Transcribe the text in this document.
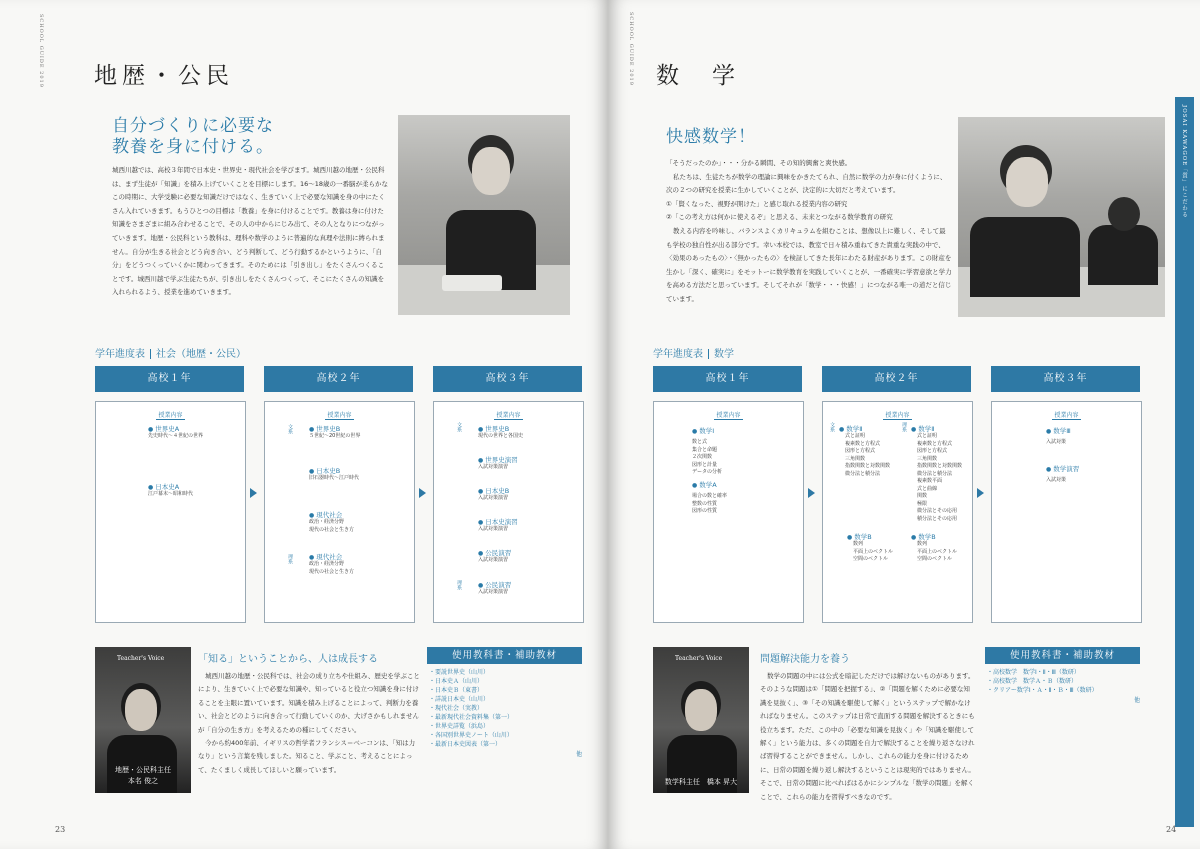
SCHOOL GUIDE 2019 地歴・公民
自分づくりに必要な
教養を身に付ける。

城西川越では、高校３年間で日本史・世界史・現代社会を学びます。城西川越の地歴・公民科は、まず生徒が「知識」を積み上げていくことを目標にします。16～18歳の一番脳が柔らかなこの時期に、大学受験に必要な知識だけではなく、生きていく上で必要な知識を身の中にたくさん入れていきます。もうひとつの目標は「教養」を身に付けることです。教養は身に付けた知識をさまざまに組み合わせることで、その人の中からにじみ出て、その人となりにつながっていきます。地歴・公民科という教科は、理科や数学のように普遍的な真理や法則に縛られません。自分が生きる社会とどう向き合い、どう判断して、どう行動するかというように、「自分」をどうつくっていくかに関わってきます。そのためには「引き出し」をたくさんつくることです。城西川越で学ぶ生徒たちが、引き出しをたくさんつくって、そこにたくさんの知識を入れられるよう、授業を進めていきます。

学年進度表 社会（地歴・公民）
高校１年	高校２年	高校３年
授業内容
● 世界史A
先史時代～４世紀の世界
● 日本史A
江戸幕末～昭和時代
授業内容
文系	● 世界史B
５世紀～20世紀の世界
● 日本史B
旧石器時代～江戸時代
● 現代社会
政治・経済分野
現代の社会と生き方
理系	● 現代社会
政治・経済分野
現代の社会と生き方
授業内容
文系	● 世界史B
現代の世界と各国史
● 世界史演習
入試対策演習
● 日本史B
入試対策演習
● 日本史演習
入試対策演習
● 公民演習
入試対策演習
理系	● 公民演習
入試対策演習
Teacher's Voice
地歴・公民科主任
本名 俊之
「知る」ということから、人は成長する

城西川越の地歴・公民科では、社会の成り立ちや仕組み、歴史を学ぶことにより、生きていく上で必要な知識や、知っていると役立つ知識を身に付けることを主眼に置いています。知識を積み上げることによって、判断力を養い、社会とどのように向き合って行動していくのか、大げさかもしれませんが「自分の生き方」を考えるための種にしてください。

今から約400年前、イギリスの哲学者フランシス＝ベーコンは、「知は力なり」という言葉を残しました。知ること、学ぶこと、考えることによって、たくましく成長してほしいと願っています。

使用教科書・補助教材
・要説世界史（山川）
・日本史Ａ（山川）
・日本史Ｂ（東書）
・詳説日本史（山川）
・現代社会（実教）
・最新現代社会資料集（第一）
・世界史詳覧（浜島）
・各国別世界史ノート（山川）
・最新日本史図表（第一）
他
23
SCHOOL GUIDE 2019 数　学
JOSAI KAWAGOE「質」にこだわる
快感数学！

「そうだったのか」・・・分かる瞬間、その知的興奮と爽快感。

私たちは、生徒たちが数学の理論に興味をかきたてられ、自然に数学の力が身に付くように、次の２つの研究を授業に生かしていくことが、決定的に大切だと考えています。

①「賢くなった、視野が開けた」と感じ取れる授業内容の研究

②「この考え方は何かに使えるぞ」と思える、未来とつながる数学教育の研究

教える内容を吟味し、バランスよくカリキュラムを組むことは、想像以上に難しく、そして最も学校の独自性が出る部分です。幸い本校では、教室で日々積み重ねてきた貴重な実践の中で、〈効果のあったもの〉・〈無かったもの〉を検証してきた長年にわたる財産があります。この財産を生かし「深く、確実に」をモットーに数学教育を実践していくことが、一番確実に学習意欲と学力を高める方法だと思っています。そしてそれが「数学・・・快感！」につながる唯一の道だと信じています。

学年進度表 数学
高校１年	高校２年	高校３年
授業内容
● 数学Ⅰ
数と式
集合と命題
２次関数
図形と計量
データの分析
● 数学A
場合の数と確率
整数の性質
図形の性質
授業内容
文系	● 数学Ⅱ
式と証明
複素数と方程式
図形と方程式
三角関数
指数関数と対数関数
微分法と積分法
理系	● 数学Ⅱ
式と証明
複素数と方程式
図形と方程式
三角関数
指数関数と対数関数
微分法と積分法
複素数平面
式と曲線
関数
極限
微分法とその応用
積分法とその応用
● 数学B
数列
平面上のベクトル
空間のベクトル
● 数学B
数列
平面上のベクトル
空間のベクトル
授業内容
● 数学Ⅲ
入試対策
● 数学演習
入試対策
Teacher's Voice
数学科主任　橋本 昇大
問題解決能力を養う

数学の問題の中には公式を暗記しただけでは解けないものがあります。そのような問題は①「問題を把握する」、②「問題を解くために必要な知識を見抜く」、③「その知識を駆使して解く」というステップで解かなければなりません。このステップは日常で直面する問題を解決するときにも役立ちます。ただ、この中の「必要な知識を見抜く」や「知識を駆使して解く」という能力は、多くの問題を自力で解決することを繰り返さなければ習得することができません。しかし、これらの能力を身に付けるために、日常の問題を繰り返し解決するということは現実的ではありません。そこで、日常の問題に比べればはるかにシンプルな「数学の問題」を解くことで、これらの能力を習得すべきなのです。

使用教科書・補助教材
・高校数学　数学Ⅰ・Ⅱ・Ⅲ（数研）
・高校数学　数学Ａ・Ｂ（数研）
・クリアー数学Ⅰ・Ａ・Ⅱ・Ｂ・Ⅲ（数研）
他
24
